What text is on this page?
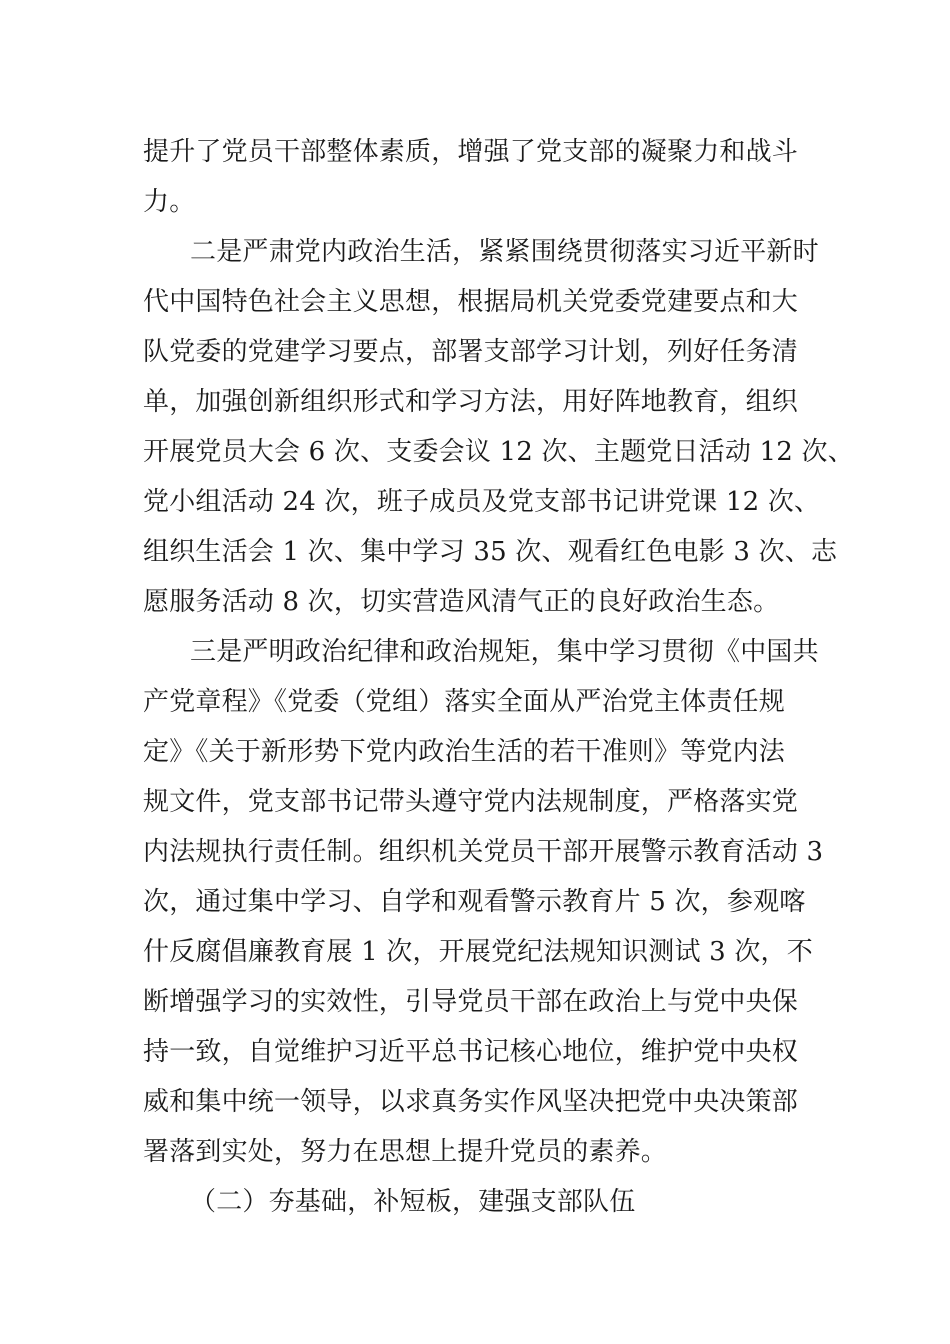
提升了党员干部整体素质，增强了党支部的凝聚力和战斗

力。

二是严肃党内政治生活，紧紧围绕贯彻落实习近平新时

代中国特色社会主义思想，根据局机关党委党建要点和大

队党委的党建学习要点，部署支部学习计划，列好任务清

单，加强创新组织形式和学习方法，用好阵地教育，组织

开展党员大会 6 次、支委会议 12 次、主题党日活动 12 次、

党小组活动 24 次，班子成员及党支部书记讲党课 12 次、

组织生活会 1 次、集中学习 35 次、观看红色电影 3 次、志

愿服务活动 8 次，切实营造风清气正的良好政治生态。

三是严明政治纪律和政治规矩，集中学习贯彻《中国共

产党章程》《党委（党组）落实全面从严治党主体责任规

定》《关于新形势下党内政治生活的若干准则》等党内法

规文件，党支部书记带头遵守党内法规制度，严格落实党

内法规执行责任制。组织机关党员干部开展警示教育活动 3

次，通过集中学习、自学和观看警示教育片 5 次，参观喀

什反腐倡廉教育展 1 次，开展党纪法规知识测试 3 次，不

断增强学习的实效性，引导党员干部在政治上与党中央保

持一致，自觉维护习近平总书记核心地位，维护党中央权

威和集中统一领导，以求真务实作风坚决把党中央决策部

署落到实处，努力在思想上提升党员的素养。

（二）夯基础，补短板，建强支部队伍
